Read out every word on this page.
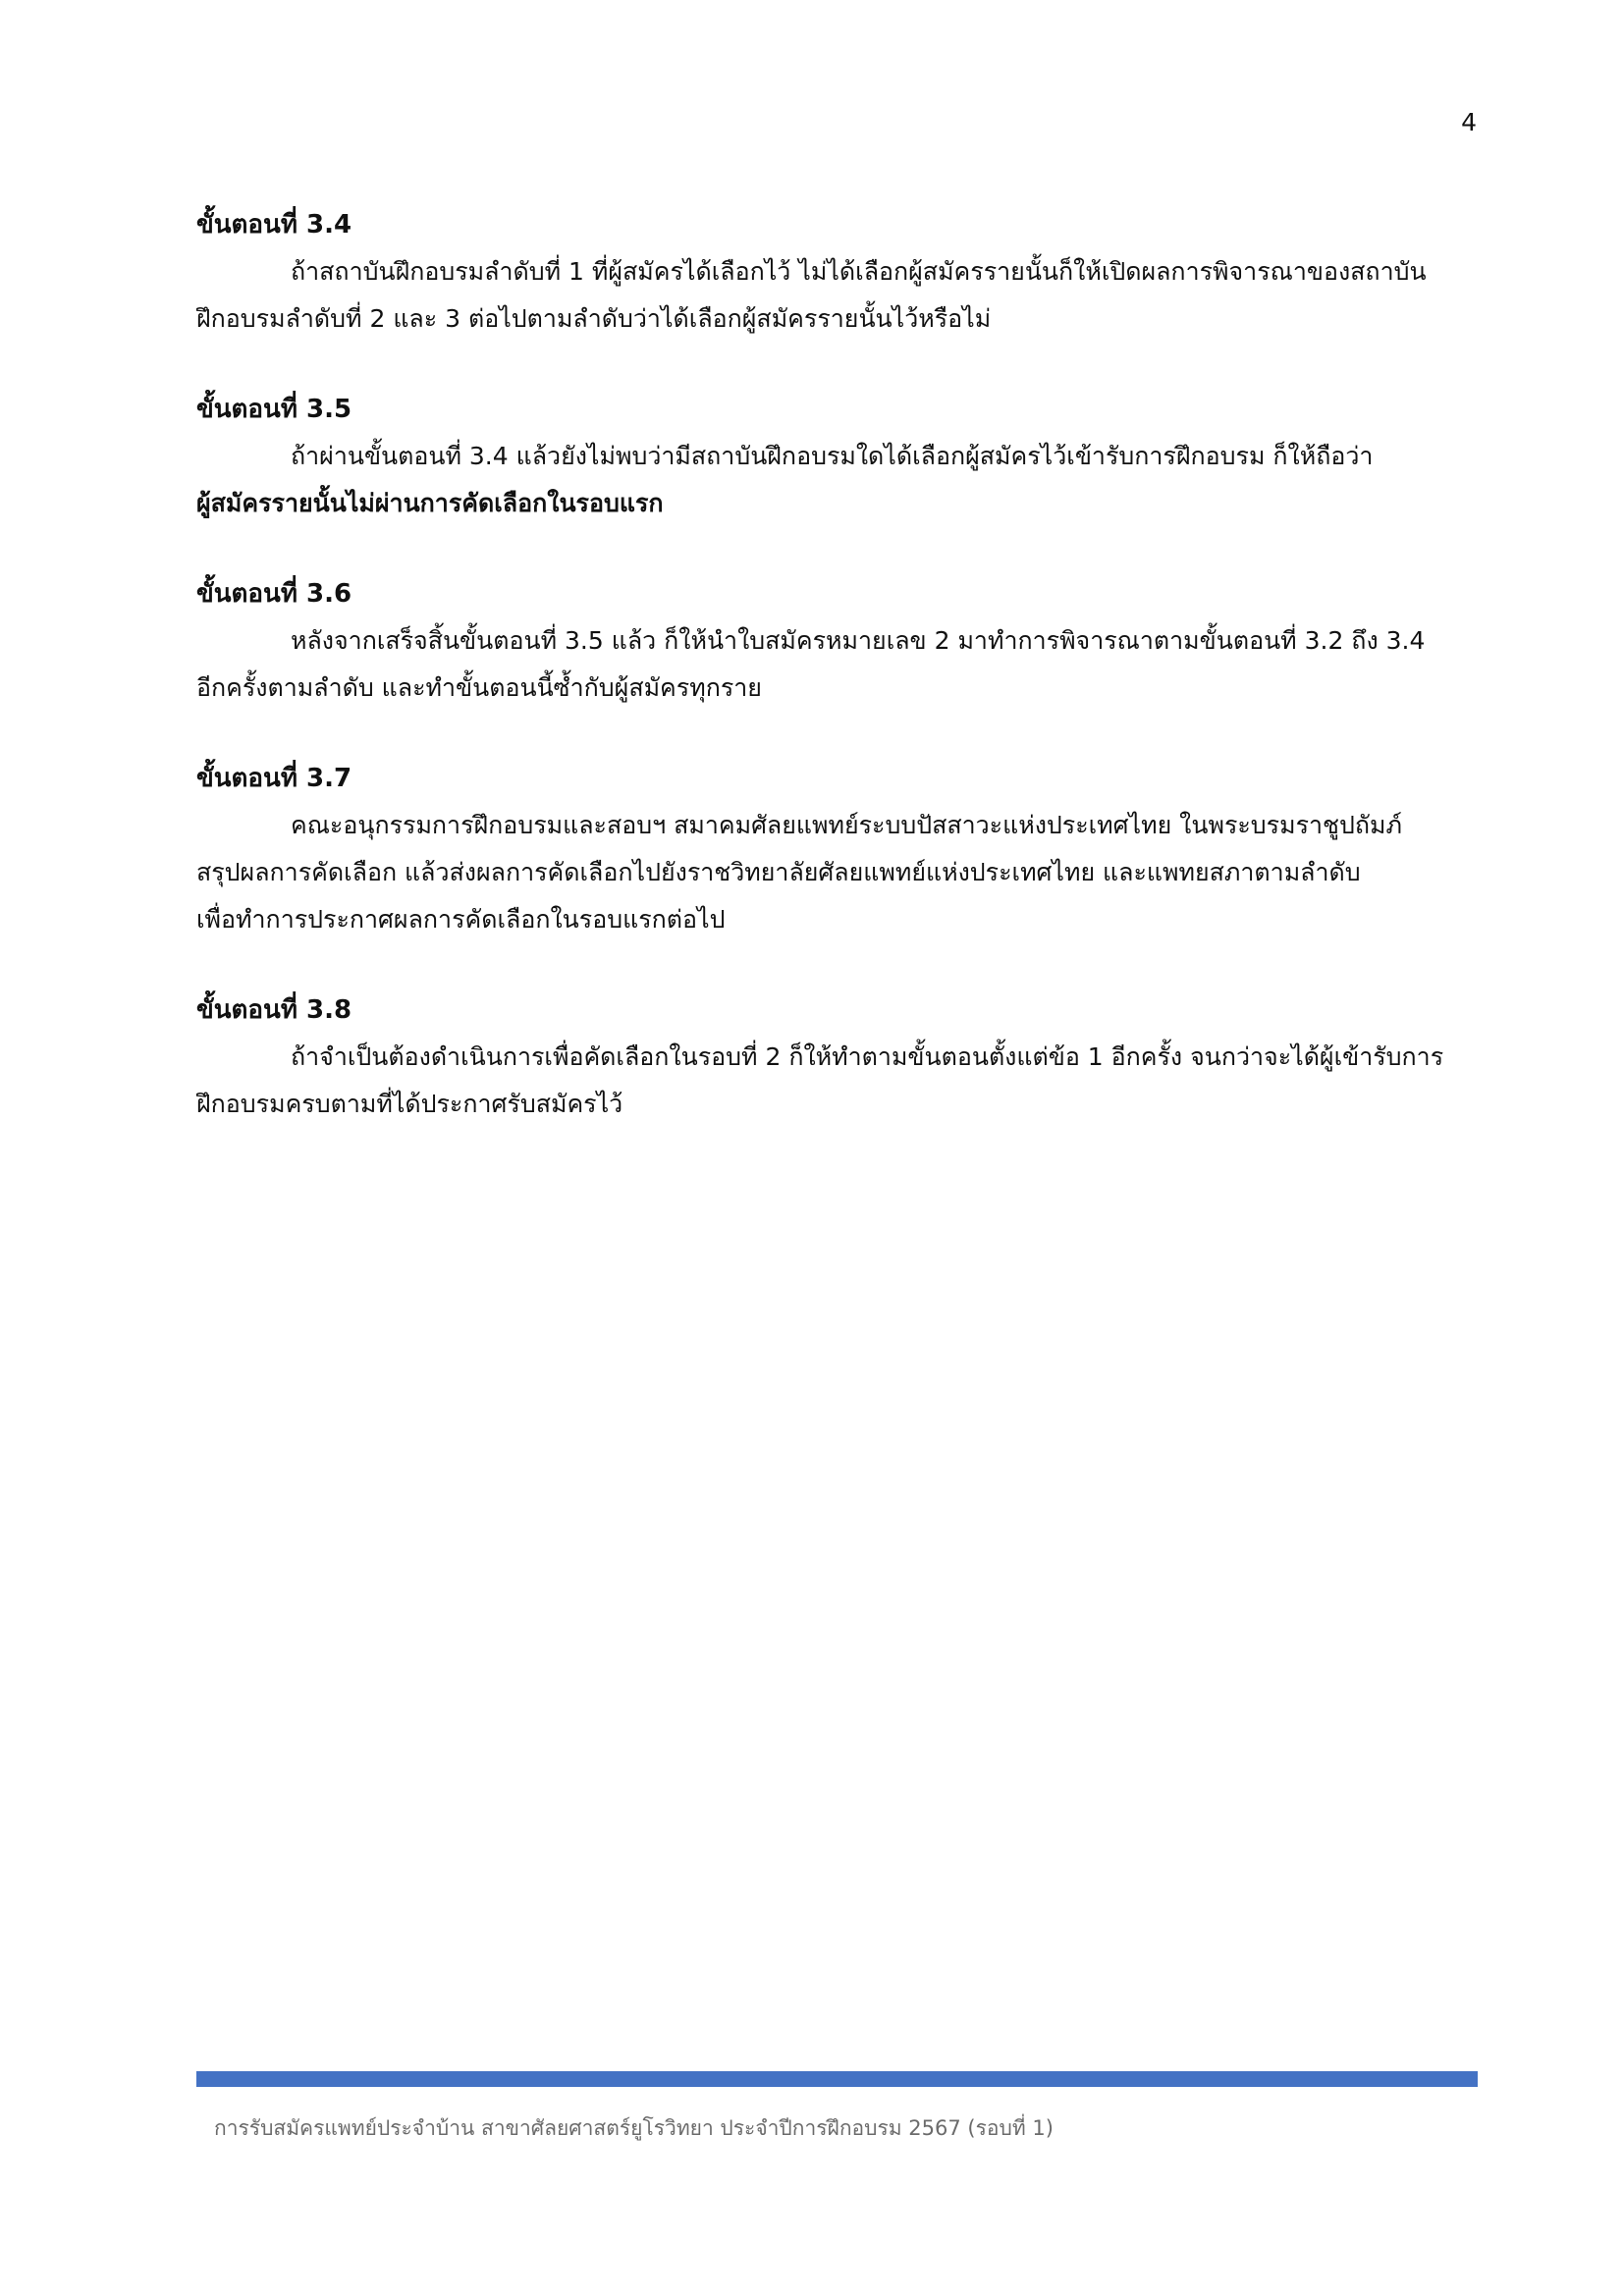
4
ขั้นตอนที่ 3.4
ถ้าสถาบันฝึกอบรมลำดับที่ 1 ที่ผู้สมัครได้เลือกไว้ ไม่ได้เลือกผู้สมัครรายนั้นก็ให้เปิดผลการพิจารณาของสถาบัน
ฝึกอบรมลำดับที่ 2 และ 3 ต่อไปตามลำดับว่าได้เลือกผู้สมัครรายนั้นไว้หรือไม่
ขั้นตอนที่ 3.5
ถ้าผ่านขั้นตอนที่ 3.4 แล้วยังไม่พบว่ามีสถาบันฝึกอบรมใดได้เลือกผู้สมัครไว้เข้ารับการฝึกอบรม ก็ให้ถือว่า
ผู้สมัครรายนั้นไม่ผ่านการคัดเลือกในรอบแรก
ขั้นตอนที่ 3.6
หลังจากเสร็จสิ้นขั้นตอนที่ 3.5 แล้ว ก็ให้นำใบสมัครหมายเลข 2 มาทำการพิจารณาตามขั้นตอนที่ 3.2 ถึง 3.4
อีกครั้งตามลำดับ และทำขั้นตอนนี้ซ้ำกับผู้สมัครทุกราย
ขั้นตอนที่ 3.7
คณะอนุกรรมการฝึกอบรมและสอบฯ สมาคมศัลยแพทย์ระบบปัสสาวะแห่งประเทศไทย ในพระบรมราชูปถัมภ์
สรุปผลการคัดเลือก แล้วส่งผลการคัดเลือกไปยังราชวิทยาลัยศัลยแพทย์แห่งประเทศไทย และแพทยสภาตามลำดับ
เพื่อทำการประกาศผลการคัดเลือกในรอบแรกต่อไป
ขั้นตอนที่ 3.8
ถ้าจำเป็นต้องดำเนินการเพื่อคัดเลือกในรอบที่ 2 ก็ให้ทำตามขั้นตอนตั้งแต่ข้อ 1 อีกครั้ง จนกว่าจะได้ผู้เข้ารับการ
ฝึกอบรมครบตามที่ได้ประกาศรับสมัครไว้
การรับสมัครแพทย์ประจำบ้าน สาขาศัลยศาสตร์ยูโรวิทยา ประจำปีการฝึกอบรม 2567 (รอบที่ 1)
